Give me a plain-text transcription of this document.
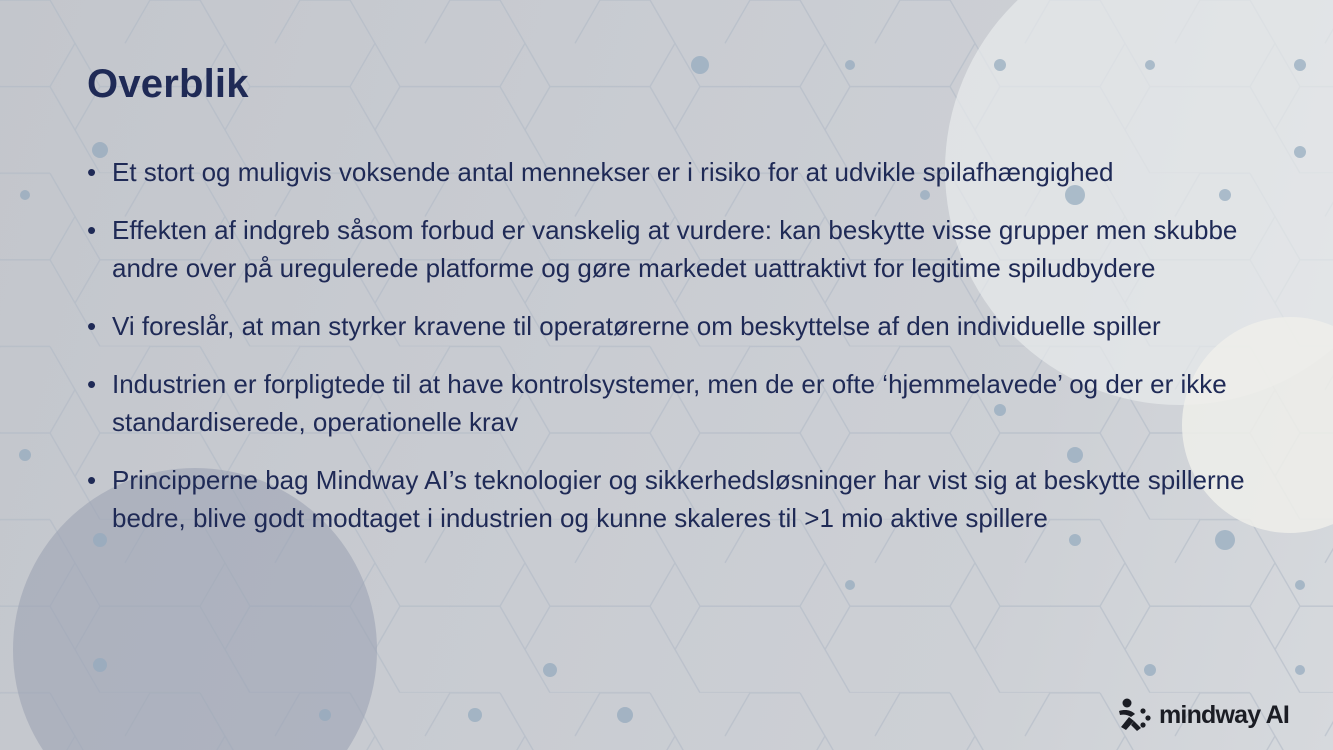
Overblik
• Et stort og muligvis voksende antal mennekser er i risiko for at udvikle spilafhængighed
• Effekten af indgreb såsom forbud er vanskelig at vurdere: kan beskytte visse grupper men skubbe andre over på uregulerede platforme og gøre markedet uattraktivt for legitime spiludbydere
• Vi foreslår, at man styrker kravene til operatørerne om beskyttelse af den individuelle spiller
• Industrien er forpligtede til at have kontrolsystemer, men de er ofte ‘hjemmelavede’ og der er ikke standardiserede, operationelle krav
• Principperne bag Mindway AI’s teknologier og sikkerhedsløsninger har vist sig at beskytte spillerne bedre, blive godt modtaget i industrien og kunne skaleres til >1 mio aktive spillere
mindway AI
